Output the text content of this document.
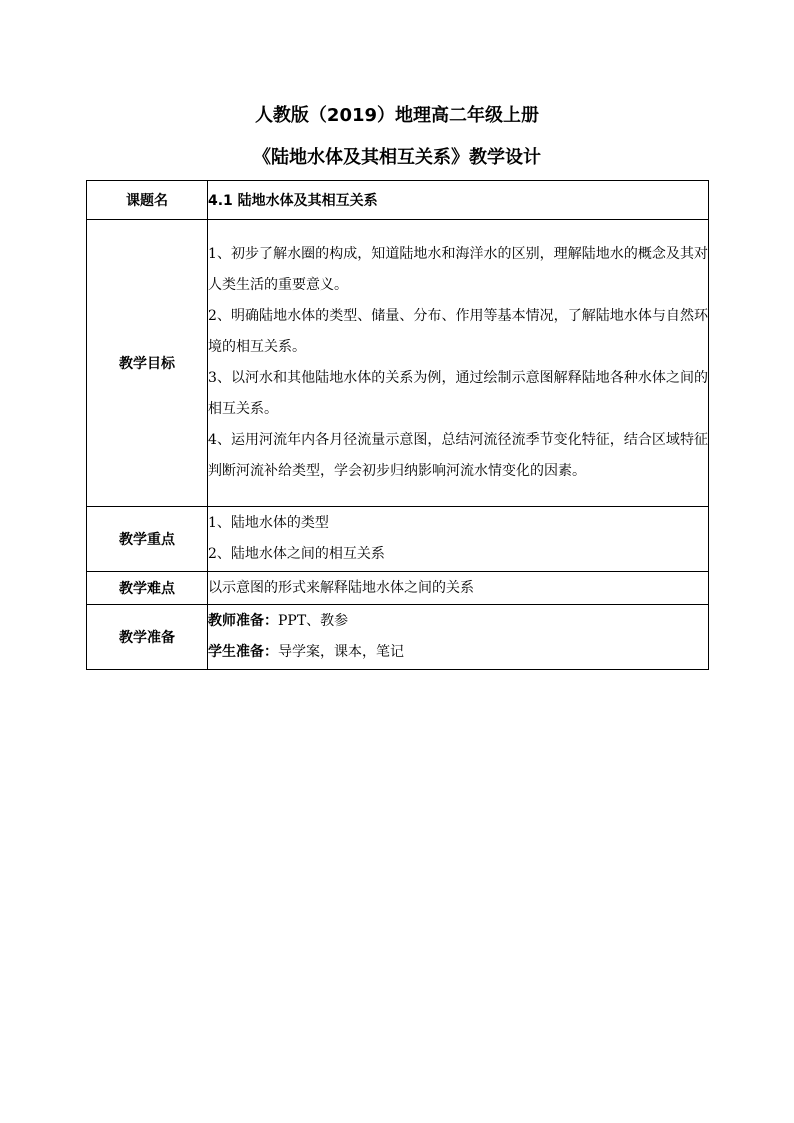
人教版（2019）地理高二年级上册
《陆地水体及其相互关系》教学设计
课题名	4.1 陆地水体及其相互关系
教学目标	1、初步了解水圈的构成，知道陆地水和海洋水的区别，理解陆地水的概念及其对人类生活的重要意义。
2、明确陆地水体的类型、储量、分布、作用等基本情况，了解陆地水体与自然环境的相互关系。
3、以河水和其他陆地水体的关系为例，通过绘制示意图解释陆地各种水体之间的相互关系。
4、运用河流年内各月径流量示意图，总结河流径流季节变化特征，结合区域特征判断河流补给类型，学会初步归纳影响河流水情变化的因素。

教学重点	1、陆地水体的类型
2、陆地水体之间的相互关系

教学难点	以示意图的形式来解释陆地水体之间的关系
教学准备	教师准备：PPT、教参
学生准备：导学案，课本，笔记
